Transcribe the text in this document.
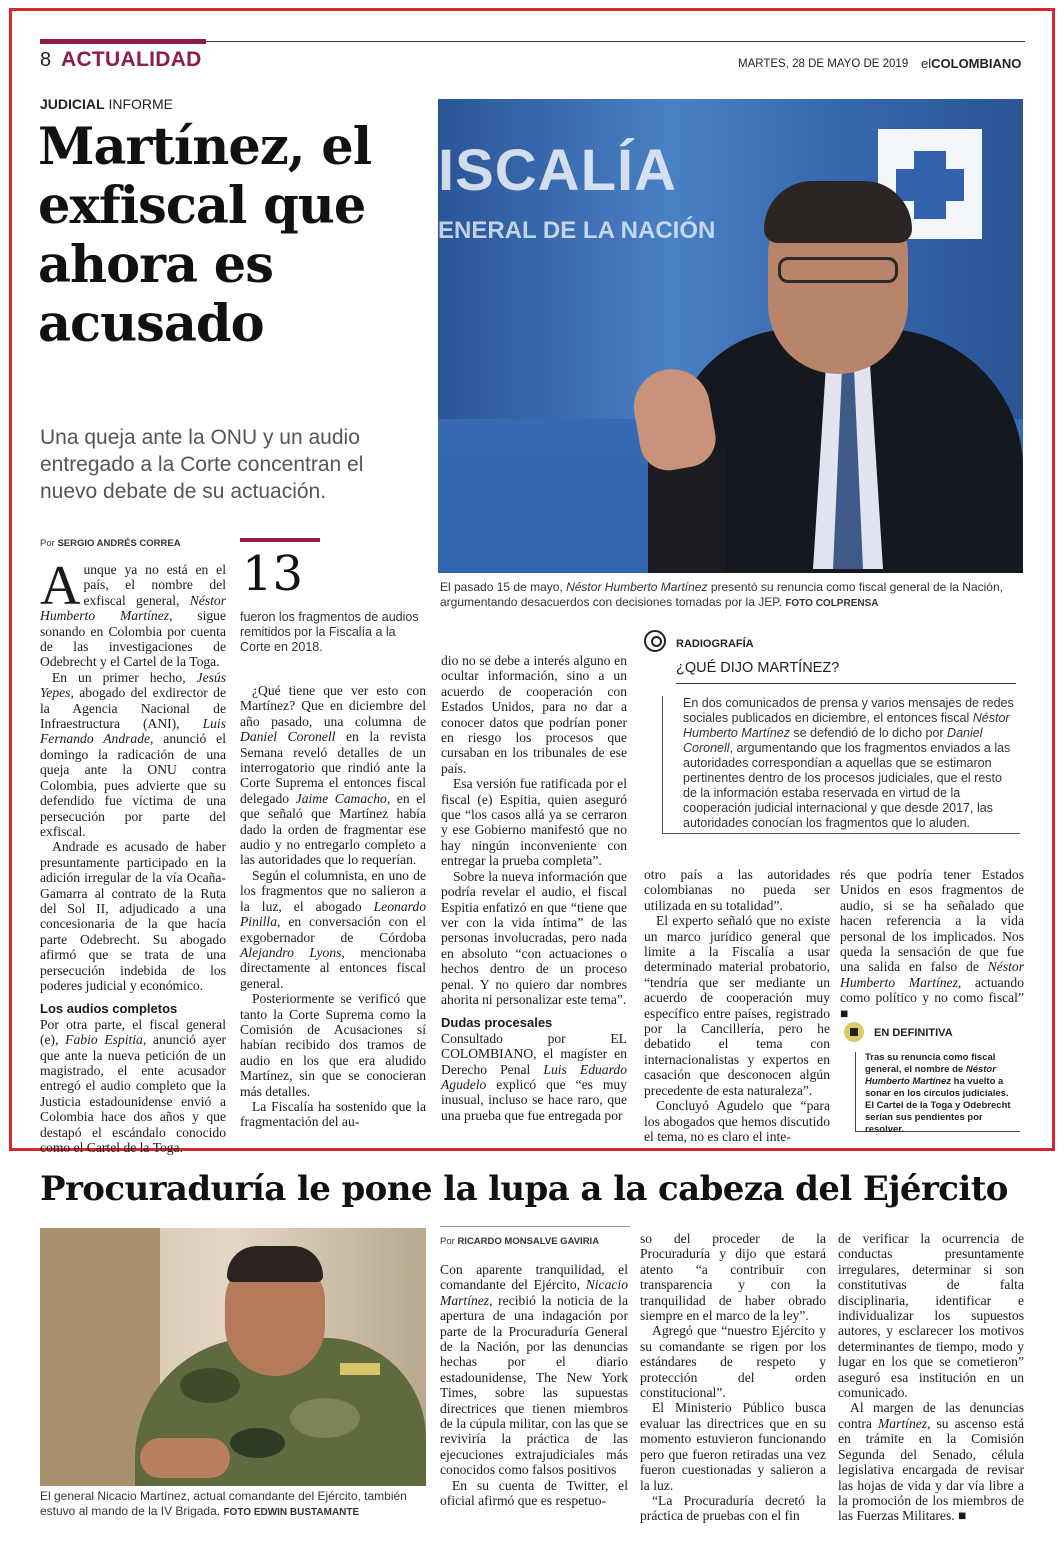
8 ACTUALIDAD	MARTES, 28 DE MAYO DE 2019 elCOLOMBIANO
JUDICIAL INFORME
Martínez, el exfiscal que ahora es acusado
Una queja ante la ONU y un audio entregado a la Corte concentran el nuevo debate de su actuación.
ISCALÍA
ENERAL DE LA NACIÓN
El pasado 15 de mayo, Néstor Humberto Martínez presentó su renuncia como fiscal general de la Nación, argumentando desacuerdos con decisiones tomadas por la JEP. FOTO COLPRENSA
Por SERGIO ANDRÉS CORREA

Aunque ya no está en el país, el nombre del exfiscal general, Néstor Humberto Martínez, sigue sonando en Colombia por cuenta de las investigaciones de Odebrecht y el Cartel de la Toga.

En un primer hecho, Jesús Yepes, abogado del exdirector de la Agencia Nacional de Infraestructura (ANI), Luis Fernando Andrade, anunció el domingo la radicación de una queja ante la ONU contra Colombia, pues advierte que su defendido fue víctima de una persecución por parte del exfiscal.

Andrade es acusado de haber presuntamente participado en la adición irregular de la vía Ocaña-Gamarra al contrato de la Ruta del Sol II, adjudicado a una concesionaria de la que hacía parte Odebrecht. Su abogado afirmó que se trata de una persecución indebida de los poderes judicial y económico.

Los audios completos

Por otra parte, el fiscal general (e), Fabio Espitia, anunció ayer que ante la nueva petición de un magistrado, el ente acusador entregó el audio completo que la Justicia estadounidense envió a Colombia hace dos años y que destapó el escándalo conocido como el Cartel de la Toga.

13
fueron los fragmentos de audios remitidos por la Fiscalía a la Corte en 2018.

¿Qué tiene que ver esto con Martínez? Que en diciembre del año pasado, una columna de Daniel Coronell en la revista Semana reveló detalles de un interrogatorio que rindió ante la Corte Suprema el entonces fiscal delegado Jaime Camacho, en el que señaló que Martínez había dado la orden de fragmentar ese audio y no entregarlo completo a las autoridades que lo requerían.

Según el columnista, en uno de los fragmentos que no salieron a la luz, el abogado Leonardo Pinilla, en conversación con el exgobernador de Córdoba Alejandro Lyons, mencionaba directamente al entonces fiscal general.

Posteriormente se verificó que tanto la Corte Suprema como la Comisión de Acusaciones sí habían recibido dos tramos de audio en los que era aludido Martínez, sin que se conocieran más detalles.

La Fiscalía ha sostenido que la fragmentación del au-

dio no se debe a interés alguno en ocultar información, sino a un acuerdo de cooperación con Estados Unidos, para no dar a conocer datos que podrían poner en riesgo los procesos que cursaban en los tribunales de ese país.

Esa versión fue ratificada por el fiscal (e) Espitia, quien aseguró que “los casos allá ya se cerraron y ese Gobierno manifestó que no hay ningún inconveniente con entregar la prueba completa”.

Sobre la nueva información que podría revelar el audio, el fiscal Espitia enfatizó en que “tiene que ver con la vida íntima” de las personas involucradas, pero nada en absoluto “con actuaciones o hechos dentro de un proceso penal. Y no quiero dar nombres ahorita ni personalizar este tema”.

Dudas procesales

Consultado por EL COLOMBIANO, el magíster en Derecho Penal Luis Eduardo Agudelo explicó que “es muy inusual, incluso se hace raro, que una prueba que fue entregada por

RADIOGRAFÍA
¿QUÉ DIJO MARTÍNEZ?
En dos comunicados de prensa y varios mensajes de redes sociales publicados en diciembre, el entonces fiscal Néstor Humberto Martínez se defendió de lo dicho por Daniel Coronell, argumentando que los fragmentos enviados a las autoridades correspondían a aquellas que se estimaron pertinentes dentro de los procesos judiciales, que el resto de la información estaba reservada en virtud de la cooperación judicial internacional y que desde 2017, las autoridades conocían los fragmentos que lo aluden.

otro país a las autoridades colombianas no pueda ser utilizada en su totalidad”.

El experto señaló que no existe un marco jurídico general que limite a la Fiscalía a usar determinado material probatorio, “tendría que ser mediante un acuerdo de cooperación muy específico entre países, registrado por la Cancillería, pero he debatido el tema con internacionalistas y expertos en casación que desconocen algún precedente de esta naturaleza”.

Concluyó Agudelo que “para los abogados que hemos discutido el tema, no es claro el inte-

rés que podría tener Estados Unidos en esos fragmentos de audio, si se ha señalado que hacen referencia a la vida personal de los implicados. Nos queda la sensación de que fue una salida en falso de Néstor Humberto Martínez, actuando como político y no como fiscal” ■

EN DEFINITIVA
Tras su renuncia como fiscal general, el nombre de Néstor Humberto Martínez ha vuelto a sonar en los círculos judiciales. El Cartel de la Toga y Odebrecht serían sus pendientes por resolver.
Procuraduría le pone la lupa a la cabeza del Ejército
El general Nicacio Martínez, actual comandante del Ejército, también estuvo al mando de la IV Brigada. FOTO EDWIN BUSTAMANTE
Por RICARDO MONSALVE GAVIRIA

Con aparente tranquilidad, el comandante del Ejército, Nicacio Martínez, recibió la noticia de la apertura de una indagación por parte de la Procuraduría General de la Nación, por las denuncias hechas por el diario estadounidense, The New York Times, sobre las supuestas directrices que tienen miembros de la cúpula militar, con las que se reviviría la práctica de las ejecuciones extrajudiciales más conocidos como falsos positivos

En su cuenta de Twitter, el oficial afirmó que es respetuo-

so del proceder de la Procuraduría y dijo que estará atento “a contribuir con transparencia y con la tranquilidad de haber obrado siempre en el marco de la ley”.

Agregó que “nuestro Ejército y su comandante se rigen por los estándares de respeto y protección del orden constitucional”.

El Ministerio Público busca evaluar las directrices que en su momento estuvieron funcionando pero que fueron retiradas una vez fueron cuestionadas y salieron a la luz.

“La Procuraduría decretó la práctica de pruebas con el fin

de verificar la ocurrencia de conductas presuntamente irregulares, determinar si son constitutivas de falta disciplinaria, identificar e individualizar los supuestos autores, y esclarecer los motivos determinantes de tiempo, modo y lugar en los que se cometieron” aseguró esa institución en un comunicado.

Al margen de las denuncias contra Martínez, su ascenso está en trámite en la Comisión Segunda del Senado, célula legislativa encargada de revisar las hojas de vida y dar vía libre a la promoción de los miembros de las Fuerzas Militares. ■
